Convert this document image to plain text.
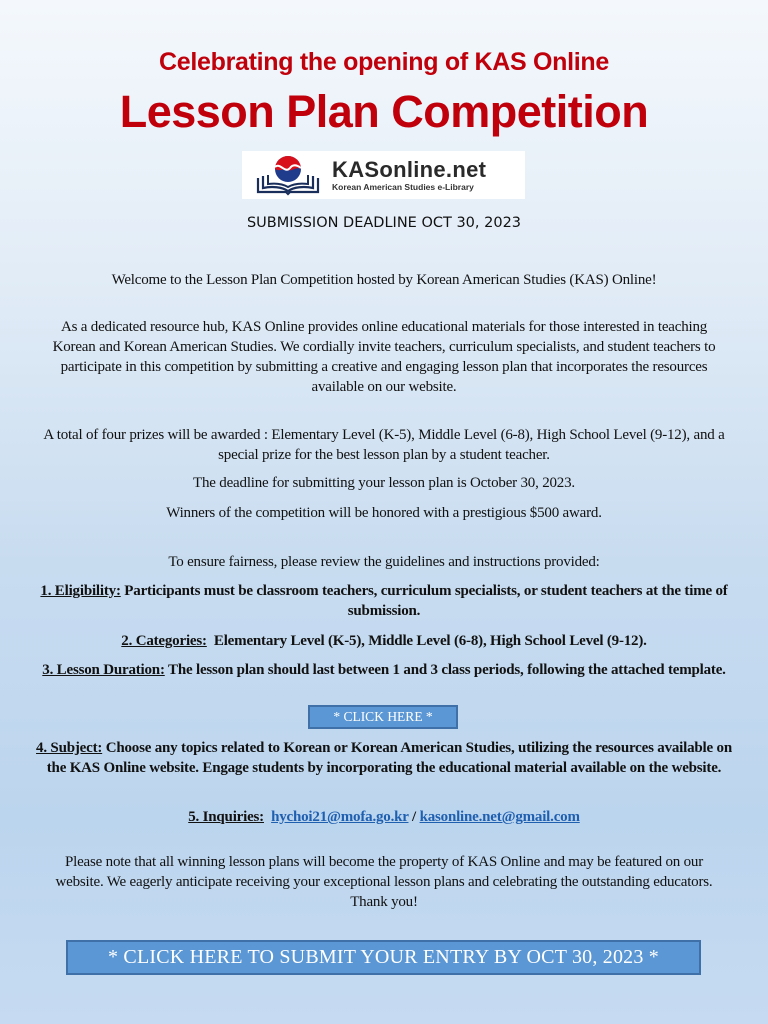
Celebrating the opening of KAS Online
Lesson Plan Competition
KASonline.net
Korean American Studies e-Library
SUBMISSION DEADLINE OCT 30, 2023
Welcome to the Lesson Plan Competition hosted by Korean American Studies (KAS) Online!
As a dedicated resource hub, KAS Online provides online educational materials for those interested in teaching Korean and Korean American Studies. We cordially invite teachers, curriculum specialists, and student teachers to participate in this competition by submitting a creative and engaging lesson plan that incorporates the resources available on our website.
A total of four prizes will be awarded : Elementary Level (K-5), Middle Level (6-8), High School Level (9-12), and a special prize for the best lesson plan by a student teacher.
The deadline for submitting your lesson plan is October 30, 2023.
Winners of the competition will be honored with a prestigious $500 award.
To ensure fairness, please review the guidelines and instructions provided:
1. Eligibility: Participants must be classroom teachers, curriculum specialists, or student teachers at the time of submission.
2. Categories:  Elementary Level (K-5), Middle Level (6-8), High School Level (9-12).
3. Lesson Duration: The lesson plan should last between 1 and 3 class periods, following the attached template.
* CLICK HERE *
4. Subject: Choose any topics related to Korean or Korean American Studies, utilizing the resources available on the KAS Online website. Engage students by incorporating the educational material available on the website.
5. Inquiries: hychoi21@mofa.go.kr / kasonline.net@gmail.com
Please note that all winning lesson plans will become the property of KAS Online and may be featured on our website. We eagerly anticipate receiving your exceptional lesson plans and celebrating the outstanding educators. Thank you!
* CLICK HERE TO SUBMIT YOUR ENTRY BY OCT 30, 2023 *
